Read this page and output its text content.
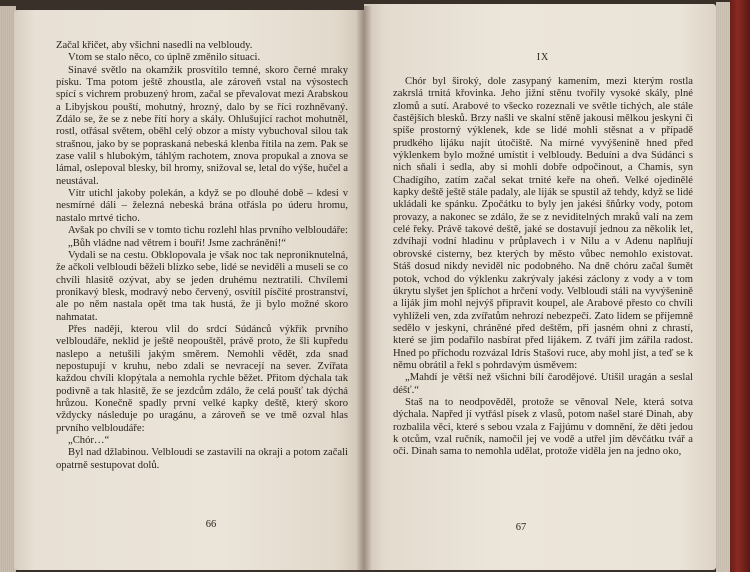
Začal křičet, aby všichni nasedli na velbloudy.

Vtom se stalo něco, co úplně změnilo situaci.

Sinavé světlo na okamžik prosvítilo temné, skoro černé mraky písku. Tma potom ještě zhoustla, ale zároveň vstal na výsostech spící s vichrem probuzený hrom, začal se převalovat mezi Arabskou a Libyjskou pouští, mohutný, hrozný, dalo by se říci rozhněvaný. Zdálo se, že se z nebe řítí hory a skály. Ohlušující rachot mohutněl, rostl, otřásal světem, oběhl celý obzor a místy vybuchoval silou tak strašnou, jako by se popraskaná nebeská klenba řítila na zem. Pak se zase valil s hlubokým, táhlým rachotem, znova propukal a znova se lámal, oslepoval blesky, bil hromy, snižoval se, letal do výše, hučel a neustával.

Vítr utichl jakoby polekán, a když se po dlouhé době – kdesi v nesmírné dáli – železná nebeská brána otřásla po úderu hromu, nastalo mrtvé ticho.

Avšak po chvíli se v tomto tichu rozlehl hlas prvního velbloudáře:

„Bůh vládne nad větrem i bouří! Jsme zachráněni!“

Vydali se na cestu. Obklopovala je však noc tak neproniknutelná, že ačkoli velbloudi běželi blízko sebe, lidé se neviděli a museli se co chvíli hlasitě ozývat, aby se jeden druhému neztratili. Chvílemi pronikavý blesk, modravý nebo červený, osvítil písčité prostranství, ale po něm nastala opět tma tak hustá, že ji bylo možné skoro nahmatat.

Přes naději, kterou vlil do srdcí Súdánců výkřik prvního velbloudáře, neklid je ještě neopouštěl, právě proto, že šli kupředu naslepo a netušili jakým směrem. Nemohli vědět, zda snad nepostupují v kruhu, nebo zdali se nevracejí na sever. Zvířata každou chvíli klopýtala a nemohla rychle běžet. Přitom dýchala tak podivně a tak hlasitě, že se jezdcům zdálo, že celá poušť tak dýchá hrůzou. Konečně spadly první velké kapky deště, který skoro vždycky následuje po uragánu, a zároveň se ve tmě ozval hlas prvního velbloudáře:

„Chór…“

Byl nad džlabinou. Velbloudi se zastavili na okraji a potom začali opatrně sestupovat dolů.

66
IX

Chór byl široký, dole zasypaný kamením, mezi kterým rostla zakrslá trnitá křovinka. Jeho jižní stěnu tvořily vysoké skály, plné zlomů a sutí. Arabové to všecko rozeznali ve světle tichých, ale stále častějších blesků. Brzy našli ve skalní stěně jakousi mělkou jeskyni či spíše prostorný výklenek, kde se lidé mohli stěsnat a v případě prudkého lijáku najít útočiště. Na mírné vyvýšenině hned před výklenkem bylo možné umístit i velbloudy. Beduíni a dva Súdánci s nich sňali i sedla, aby si mohli dobře odpočinout, a Chamis, syn Chadígího, zatím začal sekat trnité keře na oheň. Velké ojedinělé kapky deště ještě stále padaly, ale liják se spustil až tehdy, když se lidé ukládali ke spánku. Zpočátku to byly jen jakési šňůrky vody, potom provazy, a nakonec se zdálo, že se z neviditelných mraků valí na zem celé řeky. Právě takové deště, jaké se dostavují jednou za několik let, zdvíhají vodní hladinu v průplavech i v Nilu a v Adenu naplňují obrovské cisterny, bez kterých by město vůbec nemohlo existovat. Stáš dosud nikdy neviděl nic podobného. Na dně chóru začal šumět potok, vchod do výklenku zakrývaly jakési záclony z vody a v tom úkrytu slyšet jen šplíchot a hrčení vody. Velbloudi stáli na vyvýšenině a liják jim mohl nejvýš připravit koupel, ale Arabové přesto co chvíli vyhlíželi ven, zda zvířatům nehrozí nebezpečí. Zato lidem se příjemně sedělo v jeskyni, chráněné před deštěm, při jasném ohni z chrastí, které se jim podařilo nasbírat před lijákem. Z tváří jim zářila radost. Hned po příchodu rozvázal Idrís Stašovi ruce, aby mohl jíst, a teď se k němu obrátil a řekl s pohrdavým úsměvem:

„Mahdí je větší než všichni bílí čarodějové. Utišil uragán a seslal déšť.“

Staš na to neodpověděl, protože se věnoval Nele, která sotva dýchala. Napřed jí vytřásl písek z vlasů, potom našel staré Dinah, aby rozbalila věci, které s sebou vzala z Fajjúmu v domnění, že děti jedou k otcům, vzal ručník, namočil jej ve vodě a utřel jím děvčátku tvář a oči. Dinah sama to nemohla udělat, protože viděla jen na jedno oko,

67
